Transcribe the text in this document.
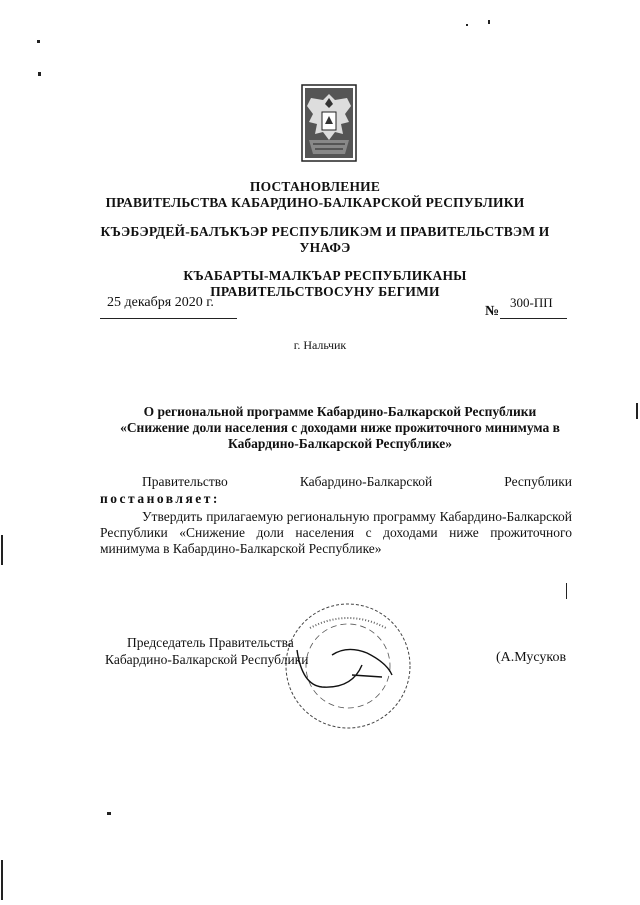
ПОСТАНОВЛЕНИЕ
ПРАВИТЕЛЬСТВА КАБАРДИНО-БАЛКАРСКОЙ РЕСПУБЛИКИ
КЪЭБЭРДЕЙ-БАЛЪКЪЭР РЕСПУБЛИКЭМ И ПРАВИТЕЛЬСТВЭМ И УНАФЭ
КЪАБАРТЫ-МАЛКЪАР РЕСПУБЛИКАНЫ ПРАВИТЕЛЬСТВОСУНУ БЕГИМИ
25 декабря 2020 г.
№
300-ПП
г. Нальчик
О региональной программе Кабардино-Балкарской Республики «Снижение доли населения с доходами ниже прожиточного минимума в Кабардино-Балкарской Республике»
Правительство	Кабардино-Балкарской	Республики
постановляет:
Утвердить прилагаемую региональную программу Кабардино-Балкарской Республики «Снижение доли населения с доходами ниже прожиточного минимума в Кабардино-Балкарской Республике»
Председатель Правительства
Кабардино-Балкарской Республики	(А.Мусуков
